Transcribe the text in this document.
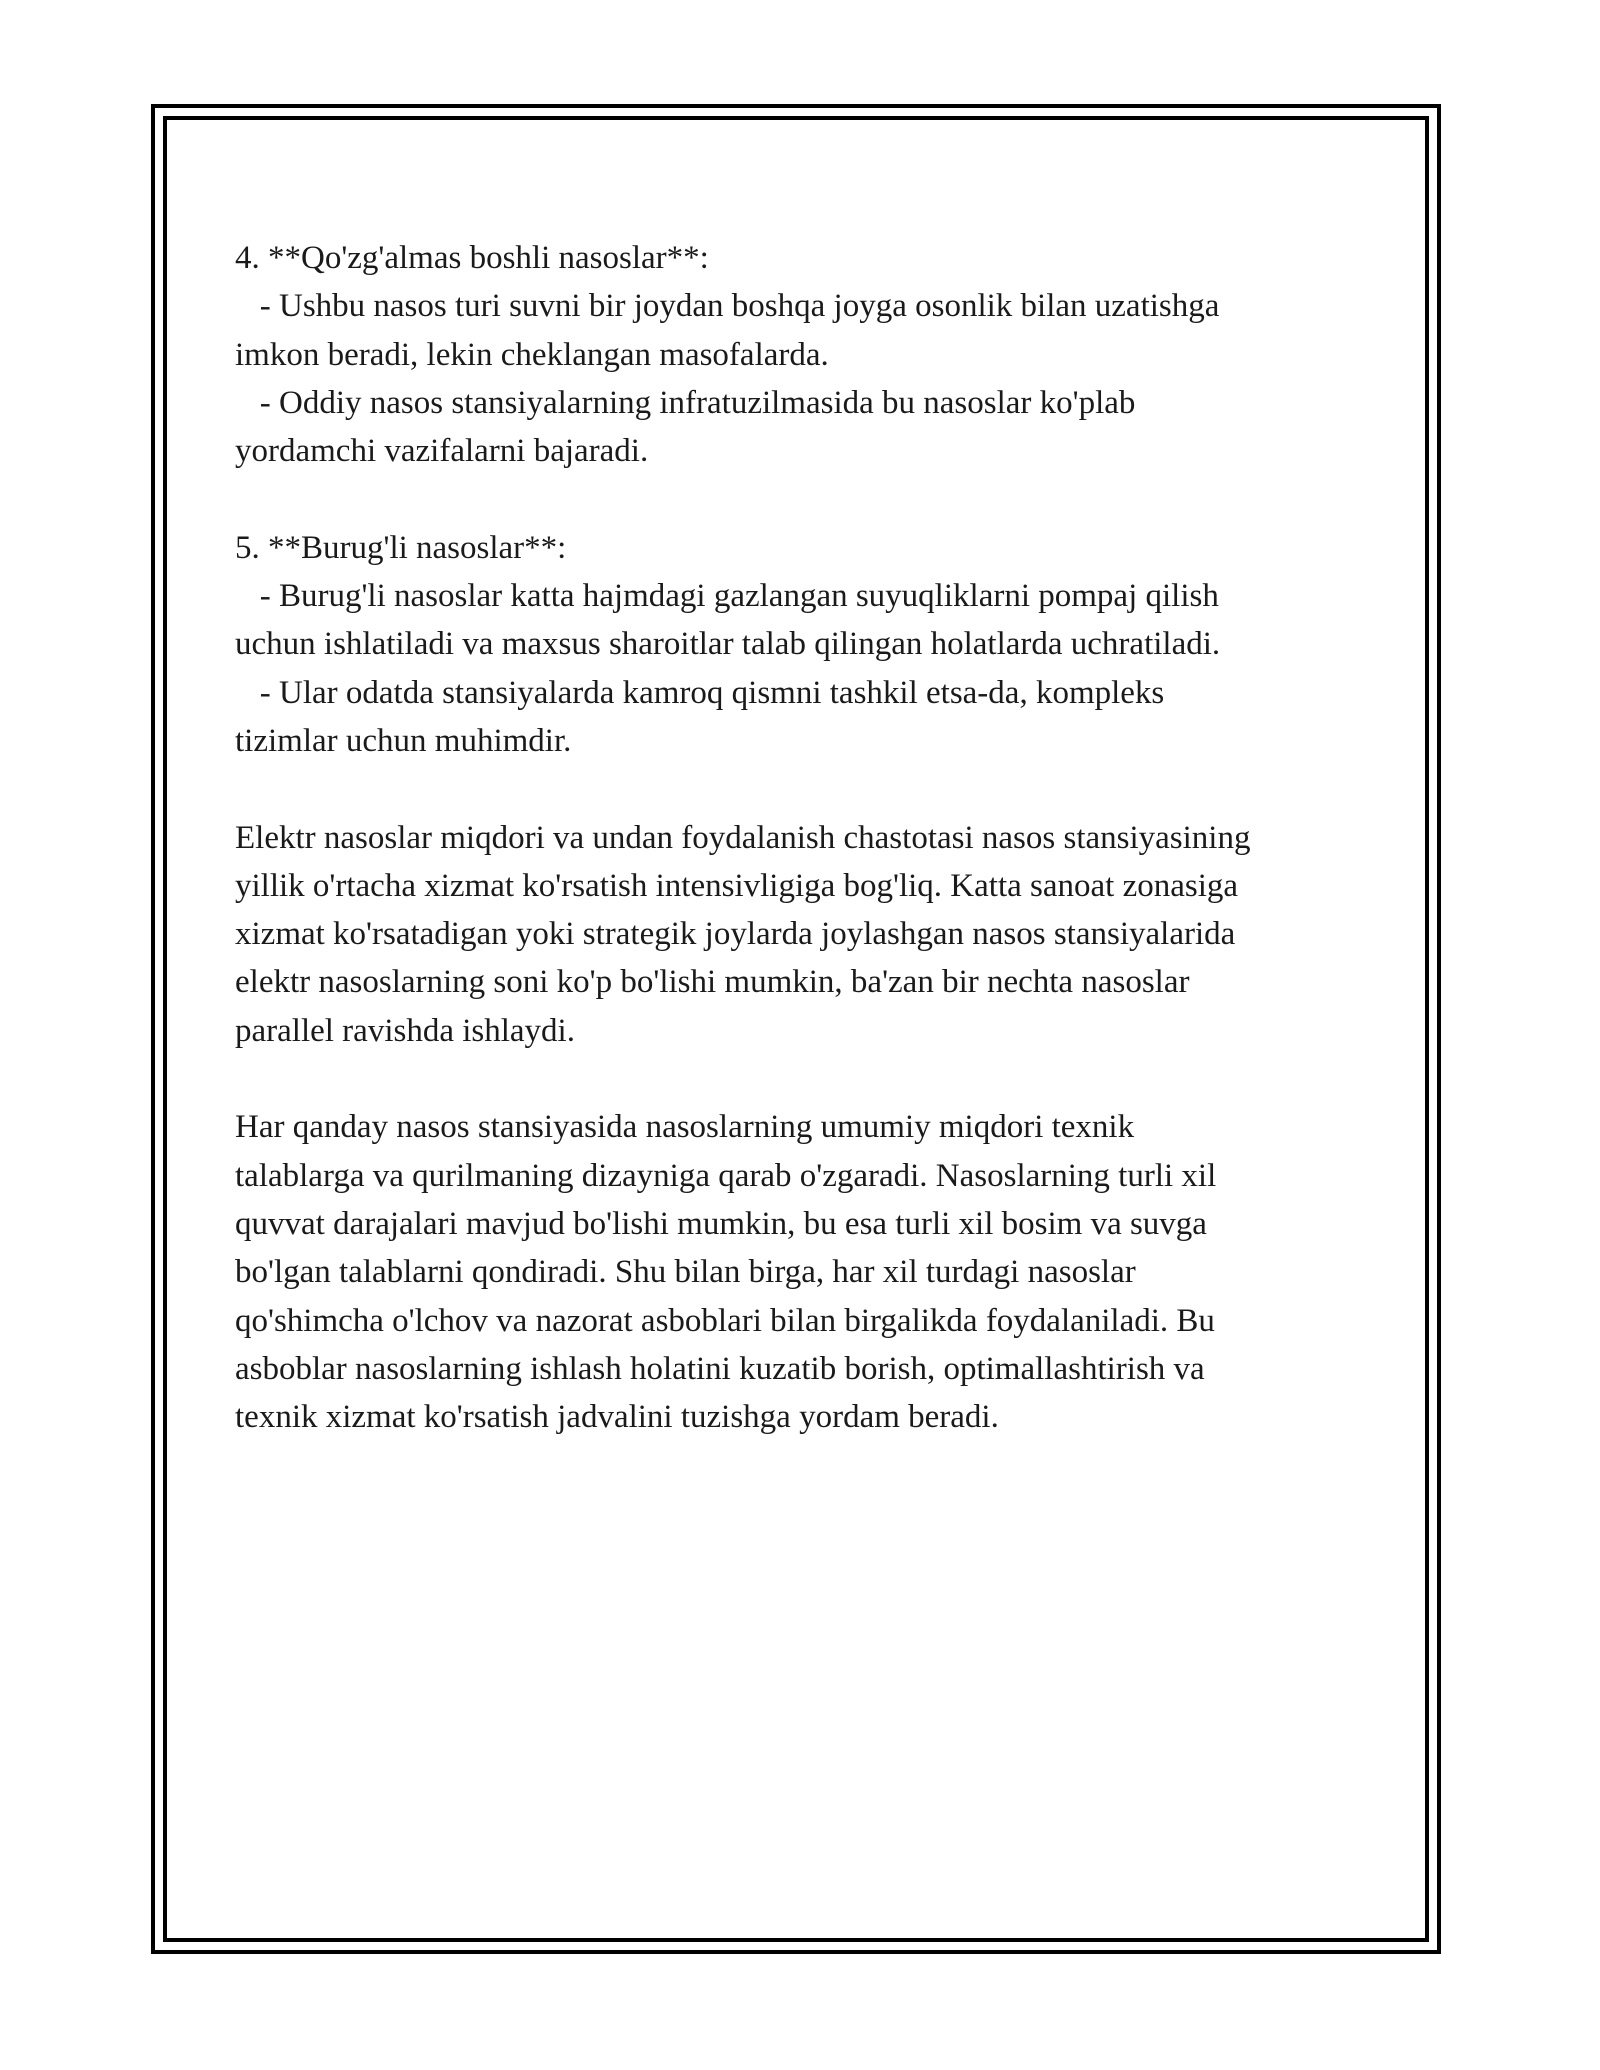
4. **Qo'zg'almas boshli nasoslar**:
- Ushbu nasos turi suvni bir joydan boshqa joyga osonlik bilan uzatishga
imkon beradi, lekin cheklangan masofalarda.
- Oddiy nasos stansiyalarning infratuzilmasida bu nasoslar ko'plab
yordamchi vazifalarni bajaradi.
5. **Burug'li nasoslar**:
- Burug'li nasoslar katta hajmdagi gazlangan suyuqliklarni pompaj qilish
uchun ishlatiladi va maxsus sharoitlar talab qilingan holatlarda uchratiladi.
- Ular odatda stansiyalarda kamroq qismni tashkil etsa-da, kompleks
tizimlar uchun muhimdir.
Elektr nasoslar miqdori va undan foydalanish chastotasi nasos stansiyasining
yillik o'rtacha xizmat ko'rsatish intensivligiga bog'liq. Katta sanoat zonasiga
xizmat ko'rsatadigan yoki strategik joylarda joylashgan nasos stansiyalarida
elektr nasoslarning soni ko'p bo'lishi mumkin, ba'zan bir nechta nasoslar
parallel ravishda ishlaydi.
Har qanday nasos stansiyasida nasoslarning umumiy miqdori texnik
talablarga va qurilmaning dizayniga qarab o'zgaradi. Nasoslarning turli xil
quvvat darajalari mavjud bo'lishi mumkin, bu esa turli xil bosim va suvga
bo'lgan talablarni qondiradi. Shu bilan birga, har xil turdagi nasoslar
qo'shimcha o'lchov va nazorat asboblari bilan birgalikda foydalaniladi. Bu
asboblar nasoslarning ishlash holatini kuzatib borish, optimallashtirish va
texnik xizmat ko'rsatish jadvalini tuzishga yordam beradi.
